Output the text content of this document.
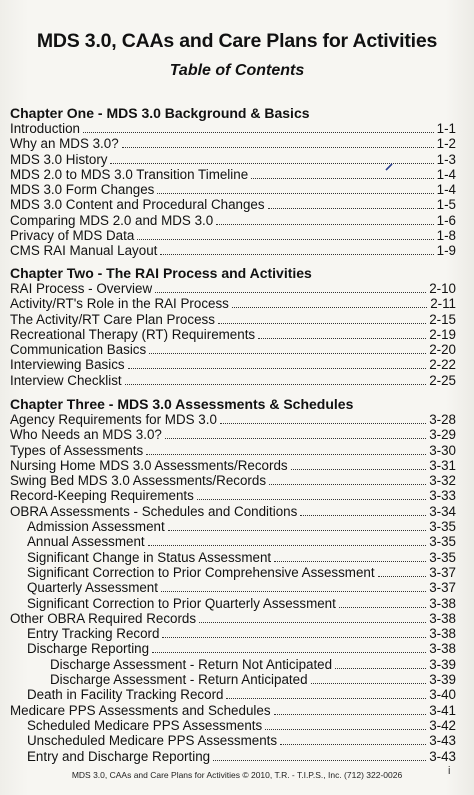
MDS 3.0, CAAs and Care Plans for Activities
Table of Contents
Chapter One - MDS 3.0 Background & Basics
Introduction	1-1
Why an MDS 3.0?	1-2
MDS 3.0 History	1-3
MDS 2.0 to MDS 3.0 Transition Timeline	1-4
MDS 3.0 Form Changes	1-4
MDS 3.0 Content and Procedural Changes	1-5
Comparing MDS 2.0 and MDS 3.0	1-6
Privacy of MDS Data	1-8
CMS RAI Manual Layout	1-9
Chapter Two - The RAI Process and Activities
RAI Process - Overview	2-10
Activity/RT's Role in the RAI Process	2-11
The Activity/RT Care Plan Process	2-15
Recreational Therapy (RT) Requirements	2-19
Communication Basics	2-20
Interviewing Basics	2-22
Interview Checklist	2-25
Chapter Three - MDS 3.0 Assessments & Schedules
Agency Requirements for MDS 3.0	3-28
Who Needs an MDS 3.0?	3-29
Types of Assessments	3-30
Nursing Home MDS 3.0 Assessments/Records	3-31
Swing Bed MDS 3.0 Assessments/Records	3-32
Record-Keeping Requirements	3-33
OBRA Assessments - Schedules and Conditions	3-34
Admission Assessment	3-35
Annual Assessment	3-35
Significant Change in Status Assessment	3-35
Significant Correction to Prior Comprehensive Assessment	3-37
Quarterly Assessment	3-37
Significant Correction to Prior Quarterly Assessment	3-38
Other OBRA Required Records	3-38
Entry Tracking Record	3-38
Discharge Reporting	3-38
Discharge Assessment - Return Not Anticipated	3-39
Discharge Assessment - Return Anticipated	3-39
Death in Facility Tracking Record	3-40
Medicare PPS Assessments and Schedules	3-41
Scheduled Medicare PPS Assessments	3-42
Unscheduled Medicare PPS Assessments	3-43
Entry and Discharge Reporting	3-43
MDS 3.0, CAAs and Care Plans for Activities © 2010, T.R. - T.I.P.S., Inc. (712) 322-0026	i
